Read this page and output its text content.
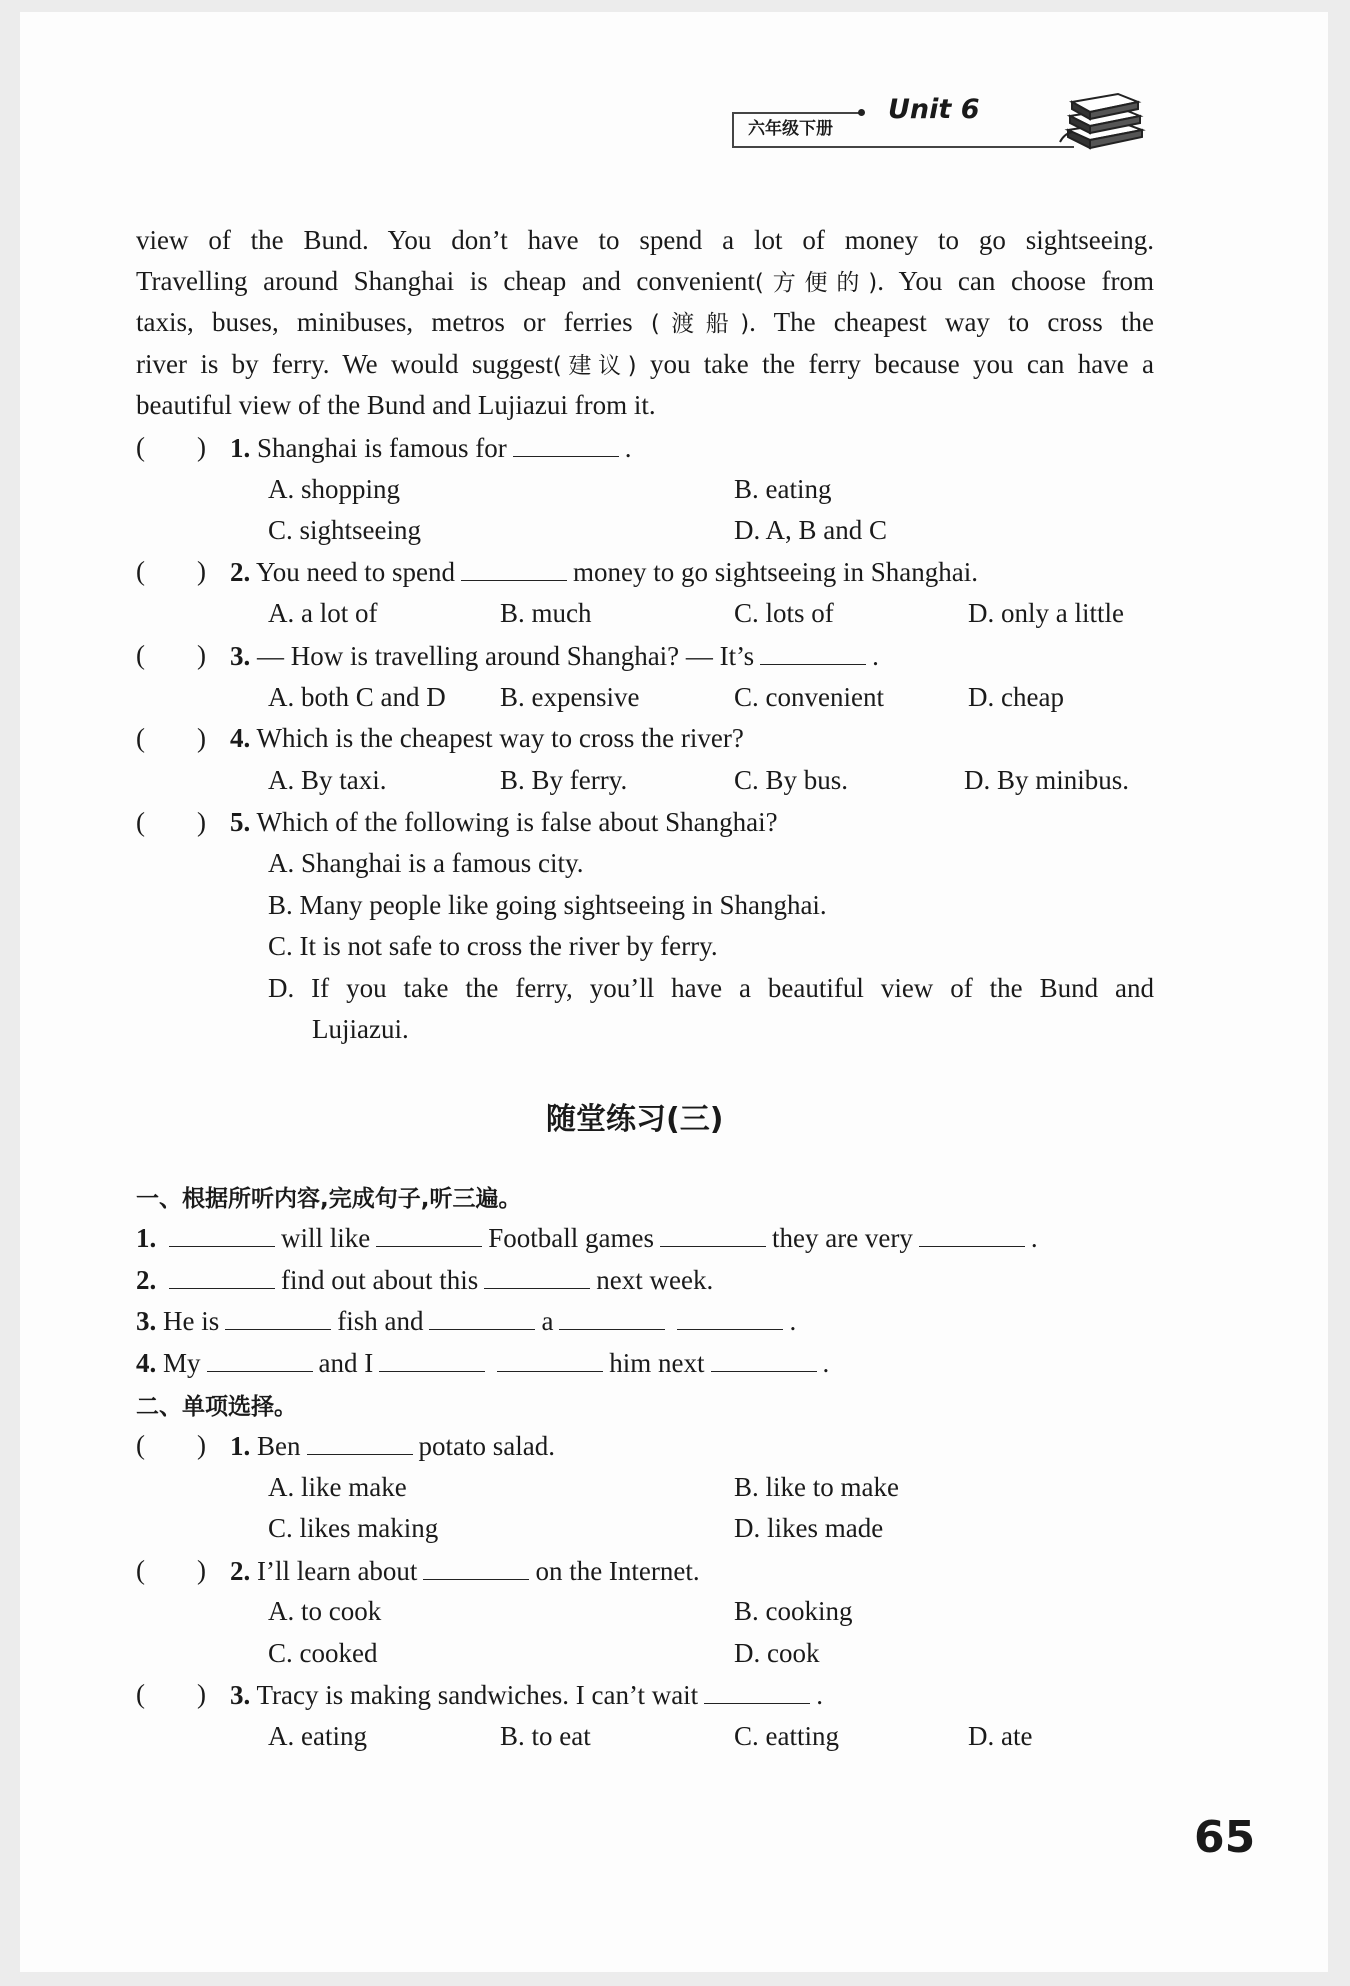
六年级下册
Unit 6
view of the Bund. You don’t have to spend a lot of money to go sightseeing.
Travelling around Shanghai is cheap and convenient(方便的). You can choose from
taxis, buses, minibuses, metros or ferries (渡船). The cheapest way to cross the
river is by ferry. We would suggest(建议) you take the ferry because you can have a
beautiful view of the Bund and Lujiazui from it.
( ) 1. Shanghai is famous for	.
A. shopping	B. eating
C. sightseeing	D. A, B and C
( ) 2. You need to spend	money to go sightseeing in Shanghai.
A. a lot of	B. much	C. lots of	D. only a little
( ) 3. — How is travelling around Shanghai? — It’s	.
A. both C and D B. expensive	C. convenient	D. cheap
( ) 4. Which is the cheapest way to cross the river?
A. By taxi.	B. By ferry.	C. By bus.	D. By minibus.
( ) 5. Which of the following is false about Shanghai?
A. Shanghai is a famous city.
B. Many people like going sightseeing in Shanghai.
C. It is not safe to cross the river by ferry.
D. If you take the ferry, you’ll have a beautiful view of the Bund and
Lujiazui.
随堂练习(三)
一、根据所听内容,完成句子,听三遍。
1.	will like	Football games	they are very	.
2.	find out about this	next week.
3. He is	fish and	a	.
4. My	and I	him next	.
二、单项选择。
( ) 1. Ben	potato salad.
A. like make	B. like to make
C. likes making	D. likes made
( ) 2. I’ll learn about	on the Internet.
A. to cook	B. cooking
C. cooked	D. cook
( ) 3. Tracy is making sandwiches. I can’t wait	.
A. eating	B. to eat	C. eatting	D. ate
65
